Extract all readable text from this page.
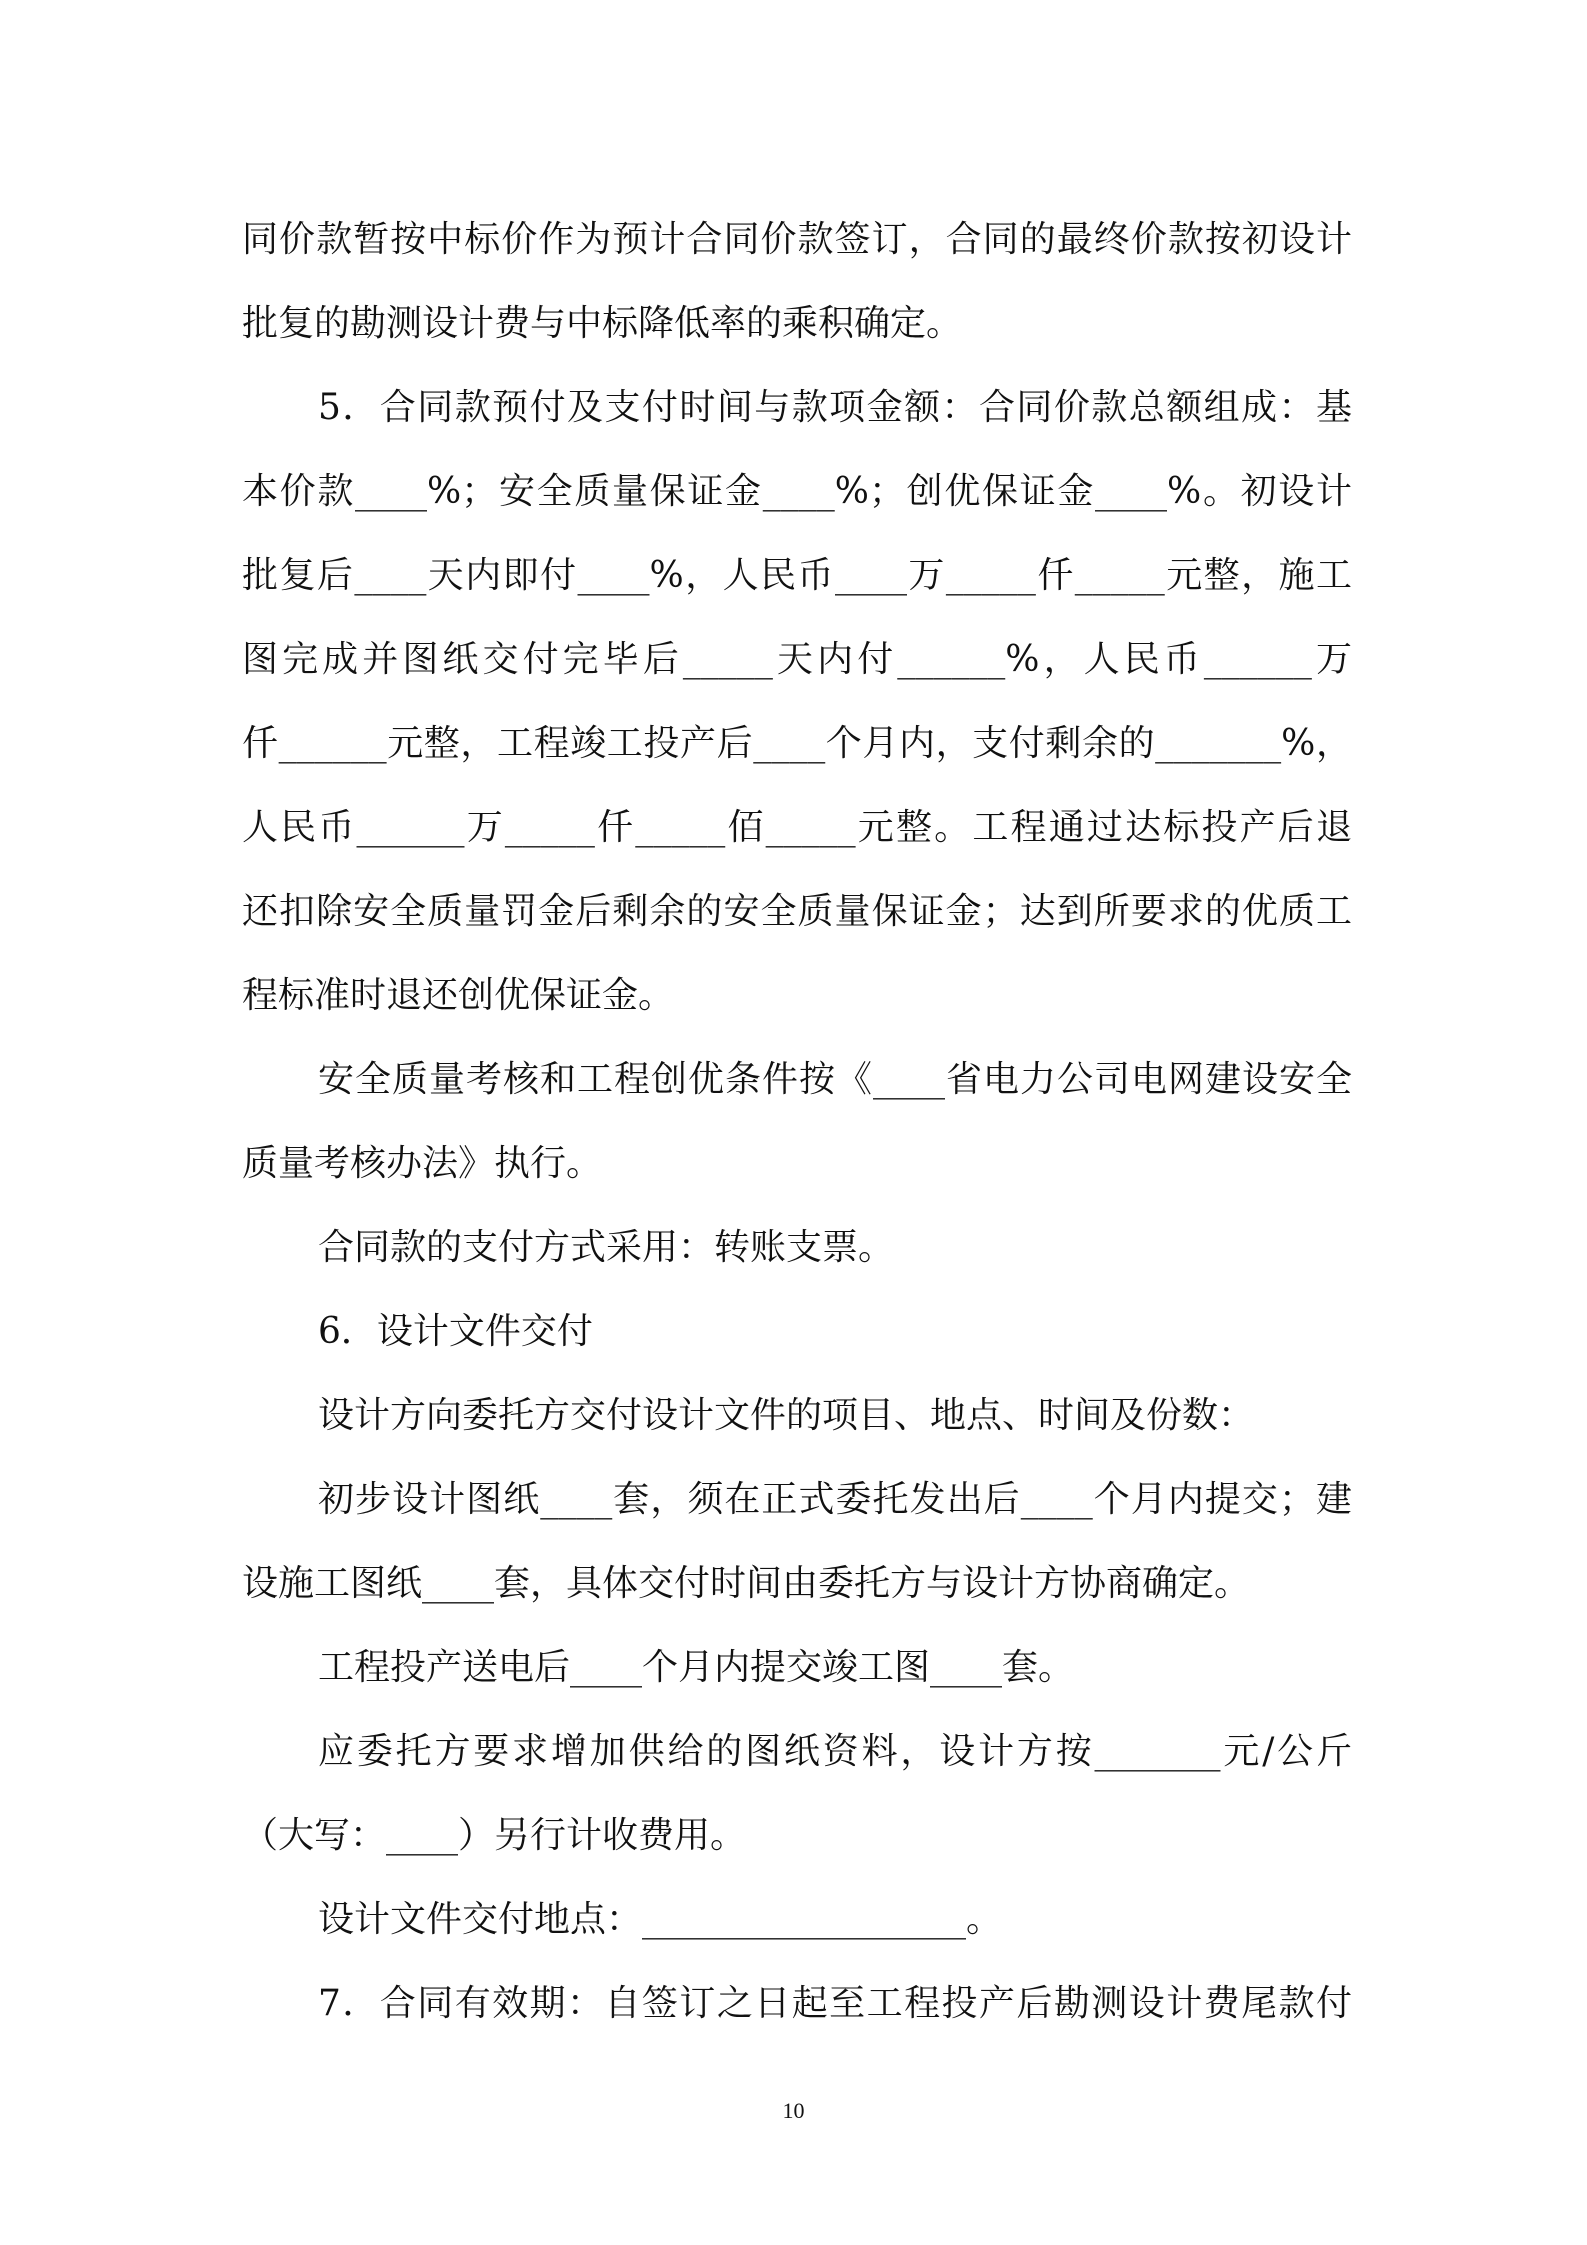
同价款暂按中标价作为预计合同价款签订，合同的最终价款按初设计
批复的勘测设计费与中标降低率的乘积确定。
5．合同款预付及支付时间与款项金额：合同价款总额组成：基
本价款____%；安全质量保证金____%；创优保证金____%。初设计
批复后____天内即付____%，人民币____万_____仟_____元整，施工
图完成并图纸交付完毕后_____天内付______%，人民币______万
仟______元整，工程竣工投产后____个月内，支付剩余的_______%，
人民币______万_____仟_____佰_____元整。工程通过达标投产后退
还扣除安全质量罚金后剩余的安全质量保证金；达到所要求的优质工
程标准时退还创优保证金。
安全质量考核和工程创优条件按《____省电力公司电网建设安全
质量考核办法》执行。
合同款的支付方式采用：转账支票。
6．设计文件交付
设计方向委托方交付设计文件的项目、地点、时间及份数：
初步设计图纸____套，须在正式委托发出后____个月内提交；建
设施工图纸____套，具体交付时间由委托方与设计方协商确定。
工程投产送电后____个月内提交竣工图____套。
应委托方要求增加供给的图纸资料，设计方按_______元/公斤
（大写：____）另行计收费用。
设计文件交付地点：__________________。
7．合同有效期：自签订之日起至工程投产后勘测设计费尾款付
10
